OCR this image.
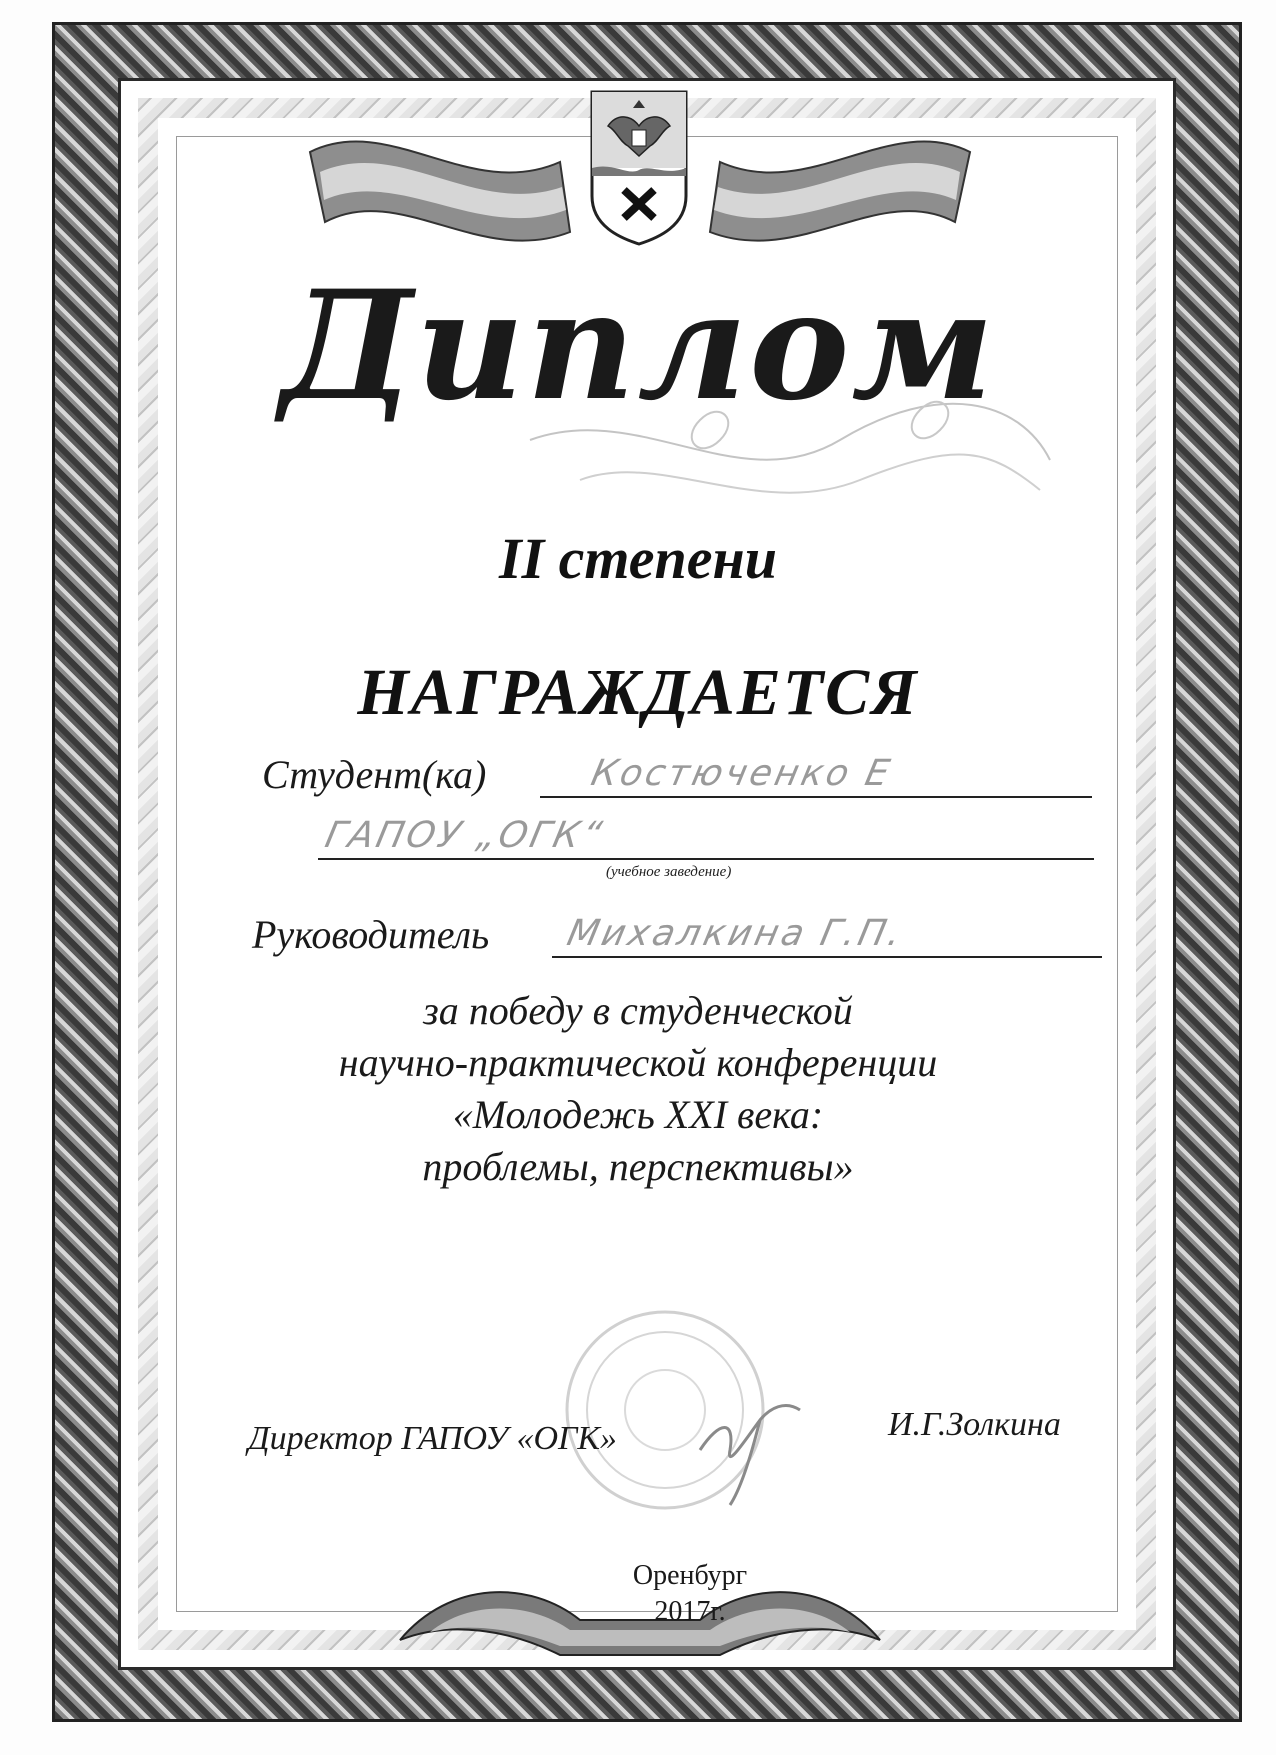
Диплом
II степени
НАГРАЖДАЕТСЯ
Студент(ка)	Костюченко Е
ГАПОУ „ОГК“
(учебное заведение)
Руководитель Михалкина Г.П.
за победу в студенческой
научно-практической конференции
«Молодежь XXI века:
проблемы, перспективы»
Директор ГАПОУ «ОГК»	И.Г.Золкина
Оренбург
2017г.
